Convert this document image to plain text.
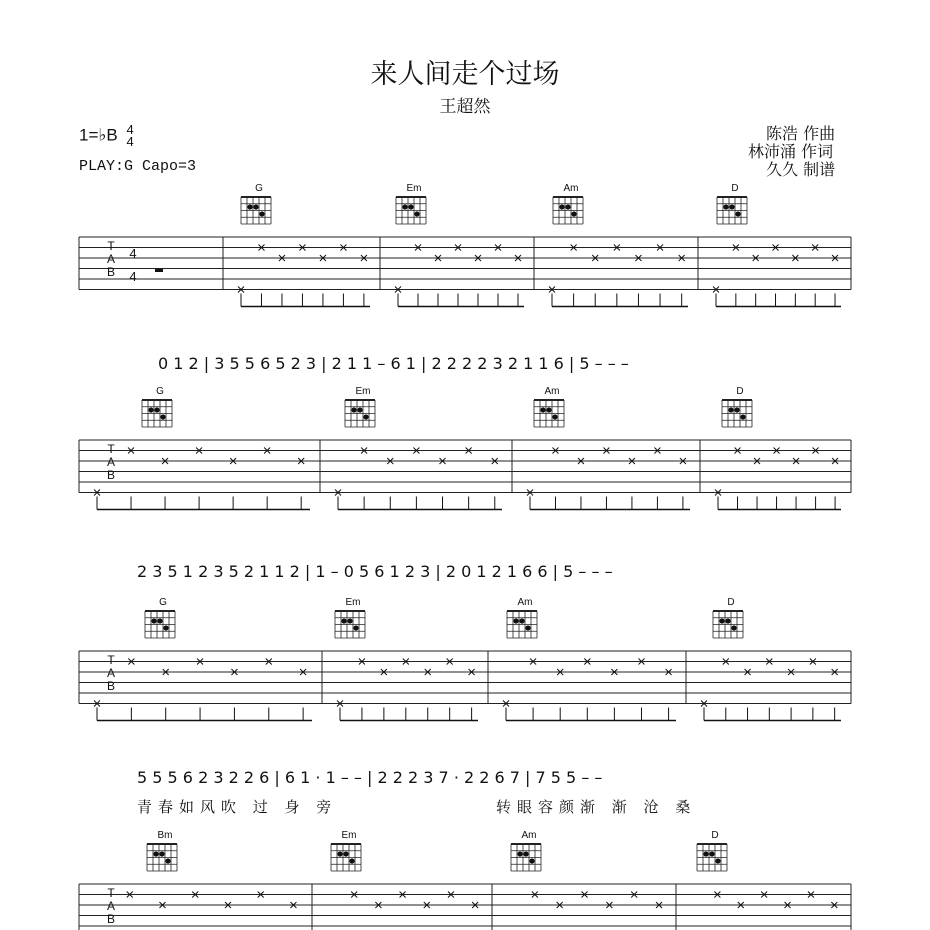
来人间走个过场
王超然
1=♭B 4
4
PLAY:G Capo=3
陈浩 作曲
林沛涌 作词
久久 制谱
T
A
B
4
4
G	Em	Am	D
T
A
B
G	Em	Am	D
T
A
B
G	Em	Am	D
T
A
B
Bm	Em	Am	D
0 1 2 | 3 5 5 6 5 2 3 | 2 1 1 – 6 1 | 2 2 2 2 3 2 1 1 6 | 5 – – –
2 3 5 1 2 3 5 2 1 1 2 | 1 – 0 5 6 1 2 3 | 2 0 1 2 1 6 6 | 5 – – –
5 5 5 6 2 3 2 2 6 | 6 1 · 1 – – | 2 2 2 3 7 · 2 2 6 7 | 7 5 5 – –
青春如风吹 过 身 旁	转眼容颜渐 渐 沧 桑
